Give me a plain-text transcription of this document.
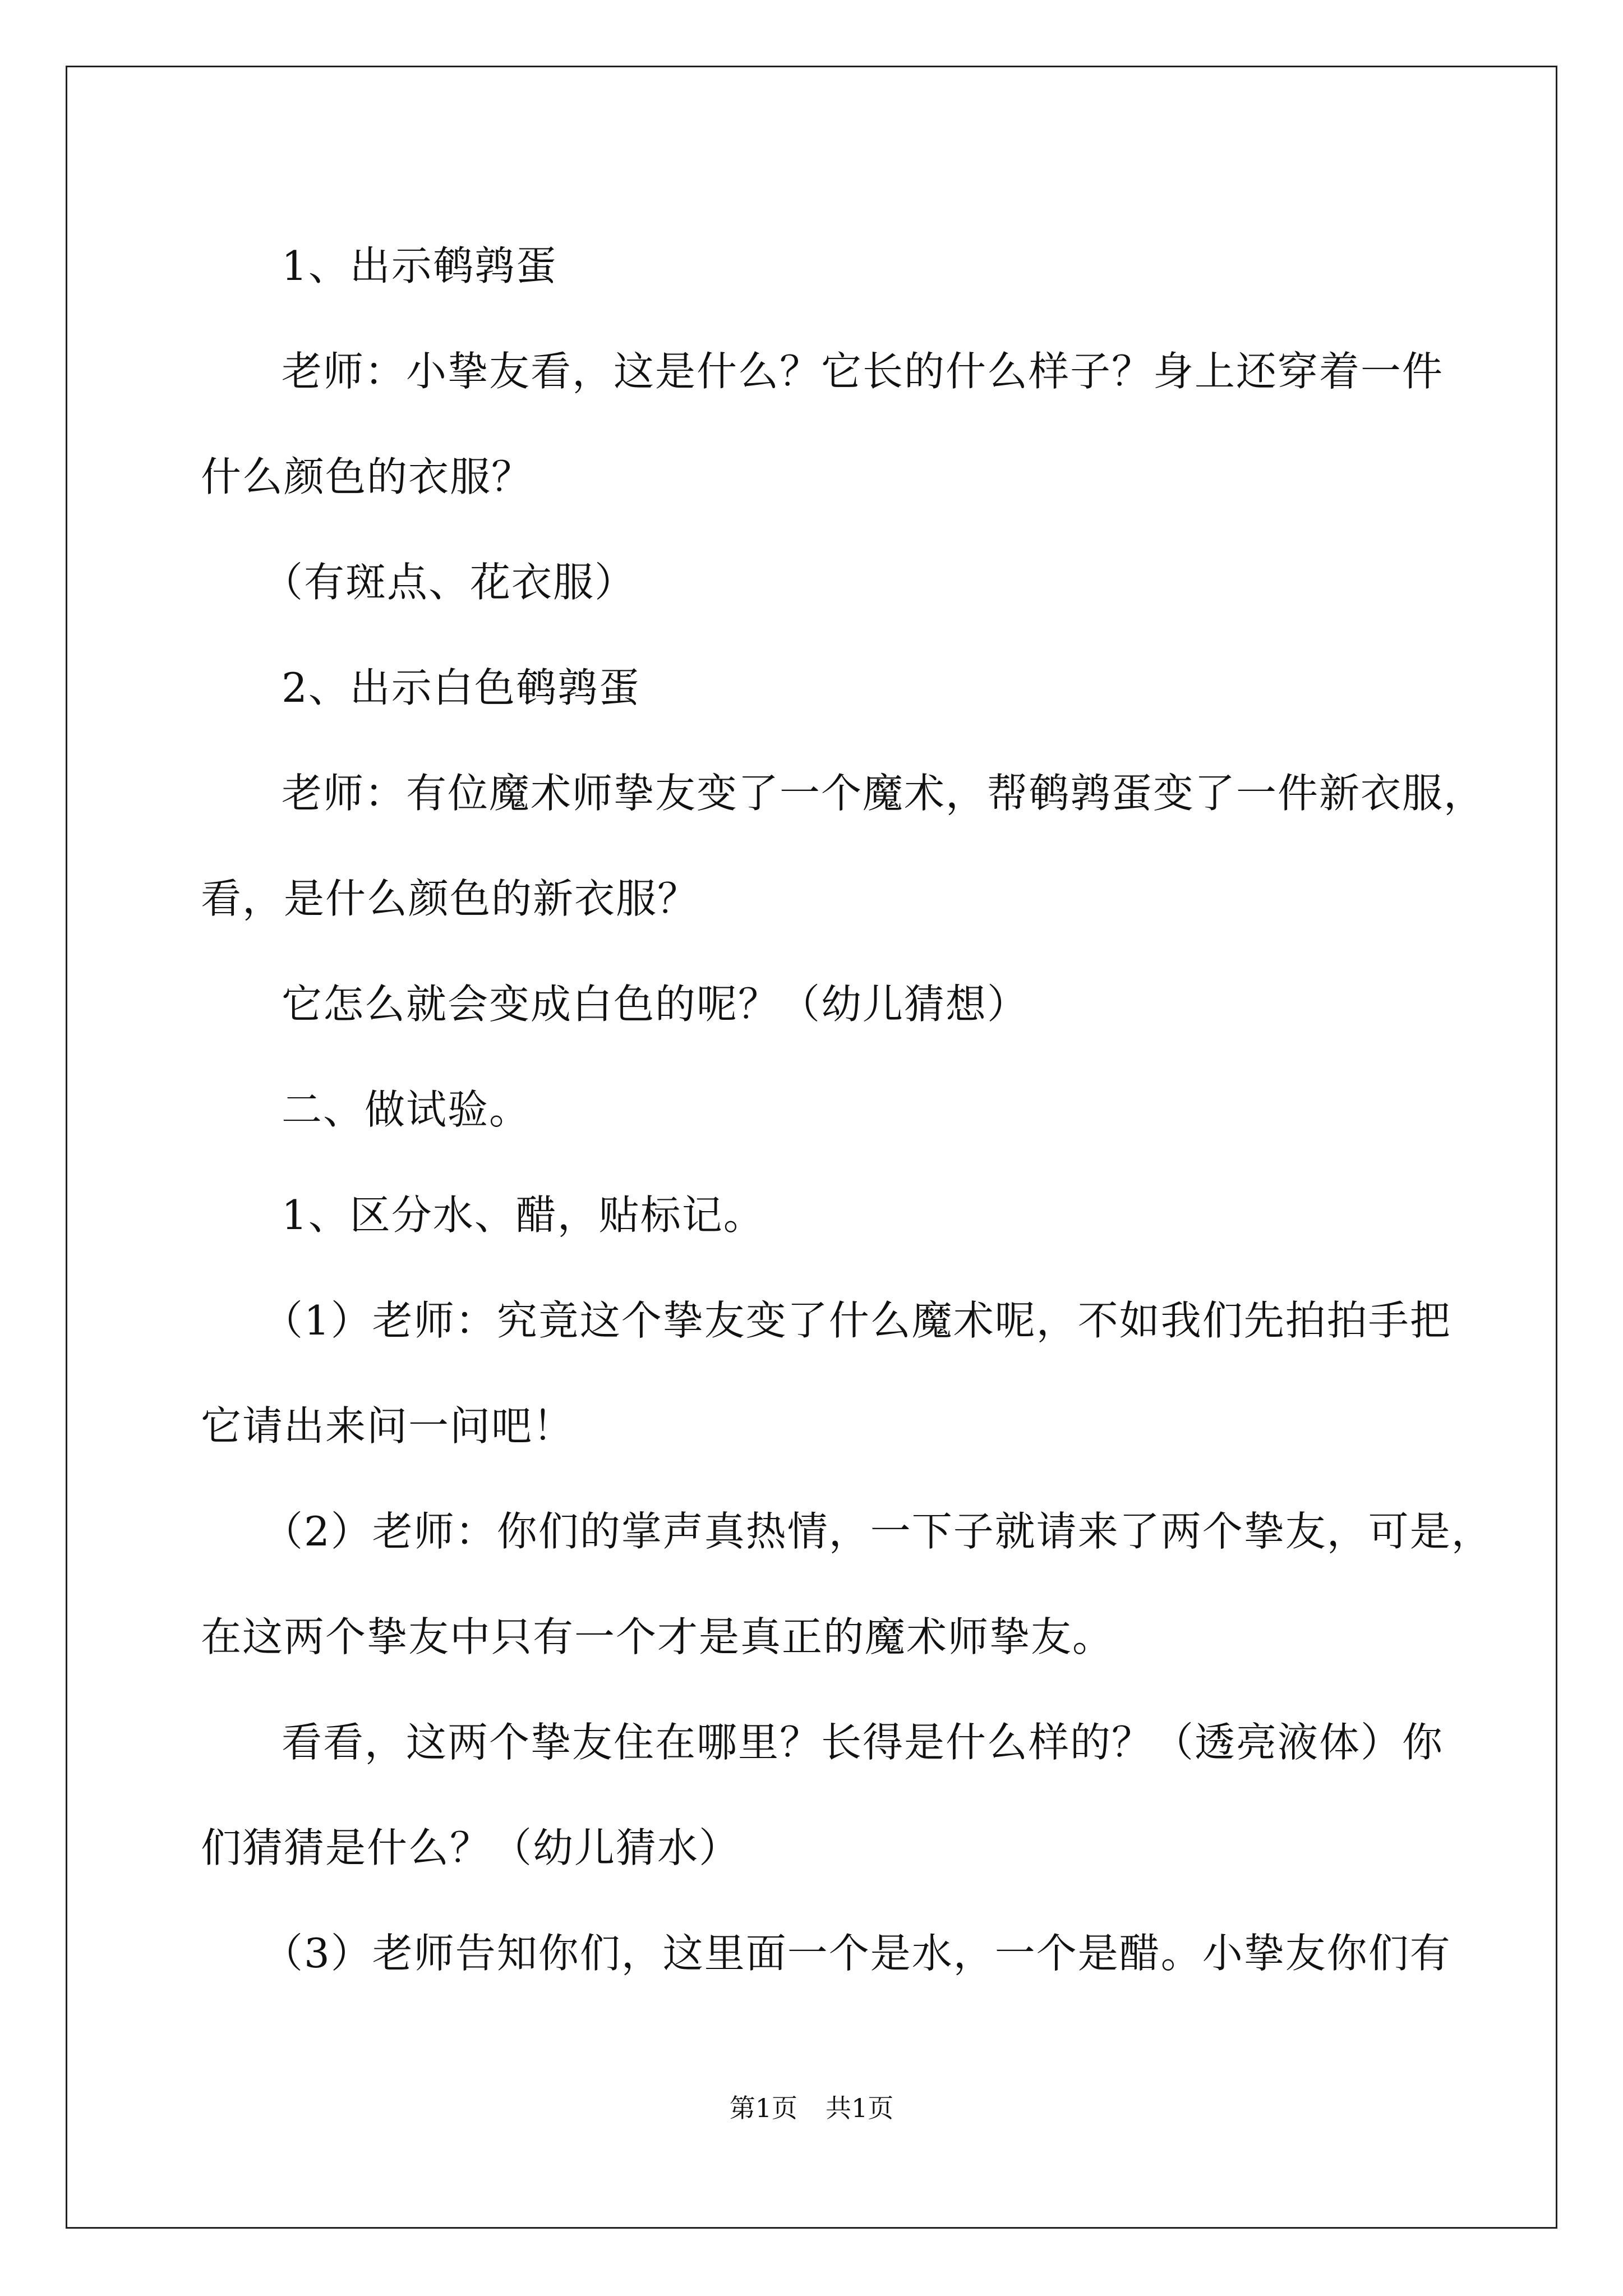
1、出示鹌鹑蛋

老师：小挚友看，这是什么？它长的什么样子？身上还穿着一件

什么颜色的衣服？

（有斑点、花衣服）

2、出示白色鹌鹑蛋

老师：有位魔术师挚友变了一个魔术，帮鹌鹑蛋变了一件新衣服，

看，是什么颜色的新衣服？

它怎么就会变成白色的呢？（幼儿猜想）

二、做试验。

1、区分水、醋，贴标记。

（1）老师：究竟这个挚友变了什么魔术呢，不如我们先拍拍手把

它请出来问一问吧！

（2）老师：你们的掌声真热情，一下子就请来了两个挚友，可是，

在这两个挚友中只有一个才是真正的魔术师挚友。

看看，这两个挚友住在哪里？长得是什么样的？（透亮液体）你

们猜猜是什么？（幼儿猜水）

（3）老师告知你们，这里面一个是水，一个是醋。小挚友你们有

第1页 共1页
